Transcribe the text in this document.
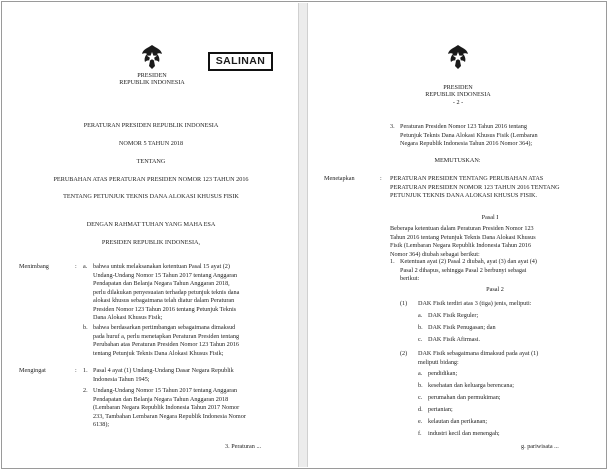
PRESIDEN
REPUBLIK INDONESIA
SALINAN
PERATURAN PRESIDEN REPUBLIK INDONESIA
NOMOR 5 TAHUN 2018
TENTANG
PERUBAHAN ATAS PERATURAN PRESIDEN NOMOR 123 TAHUN 2016
TENTANG PETUNJUK TEKNIS DANA ALOKASI KHUSUS FISIK
DENGAN RAHMAT TUHAN YANG MAHA ESA
PRESIDEN REPUBLIK INDONESIA,
Menimbang	: a. bahwa untuk melaksanakan ketentuan Pasal 15 ayat (2)
Undang-Undang Nomor 15 Tahun 2017 tentang Anggaran
Pendapatan dan Belanja Negara Tahun Anggaran 2018,
perlu dilakukan penyesuaian terhadap petunjuk teknis dana
alokasi khusus sebagaimana telah diatur dalam Peraturan
Presiden Nomor 123 Tahun 2016 tentang Petunjuk Teknis
Dana Alokasi Khusus Fisik;
b. bahwa berdasarkan pertimbangan sebagaimana dimaksud
pada huruf a, perlu menetapkan Peraturan Presiden tentang
Perubahan atas Peraturan Presiden Nomor 123 Tahun 2016
tentang Petunjuk Teknis Dana Alokasi Khusus Fisik;
Mengingat	: 1. Pasal 4 ayat (1) Undang-Undang Dasar Negara Republik
Indonesia Tahun 1945;
2. Undang-Undang Nomor 15 Tahun 2017 tentang Anggaran
Pendapatan dan Belanja Negara Tahun Anggaran 2018
(Lembaran Negara Republik Indonesia Tahun 2017 Nomor
233, Tambahan Lembaran Negara Republik Indonesia Nomor
6138);
3. Peraturan ...
PRESIDEN
REPUBLIK INDONESIA
- 2 -
3. Peraturan Presiden Nomor 123 Tahun 2016 tentang
Petunjuk Teknis Dana Alokasi Khusus Fisik (Lembaran
Negara Republik Indonesia Tahun 2016 Nomor 364);
MEMUTUSKAN:
Menetapkan	: PERATURAN PRESIDEN TENTANG PERUBAHAN ATAS
PERATURAN PRESIDEN NOMOR 123 TAHUN 2016 TENTANG
PETUNJUK TEKNIS DANA ALOKASI KHUSUS FISIK.
Pasal I
Beberapa ketentuan dalam Peraturan Presiden Nomor 123
Tahun 2016 tentang Petunjuk Teknis Dana Alokasi Khusus
Fisik (Lembaran Negara Republik Indonesia Tahun 2016
Nomor 364) diubah sebagai berikut:
1. Ketentuan ayat (2) Pasal 2 diubah, ayat (3) dan ayat (4)
Pasal 2 dihapus, sehingga Pasal 2 berbunyi sebagai
berikut:
Pasal 2
(1) DAK Fisik terdiri atas 3 (tiga) jenis, meliputi:
a. DAK Fisik Reguler;
b. DAK Fisik Penugasan; dan
c. DAK Fisik Afirmasi.
(2) DAK Fisik sebagaimana dimaksud pada ayat (1)
meliputi bidang:
a. pendidikan;
b. kesehatan dan keluarga berencana;
c. perumahan dan permukiman;
d. pertanian;
e. kelautan dan perikanan;
f. industri kecil dan menengah;
g. pariwisata ...
